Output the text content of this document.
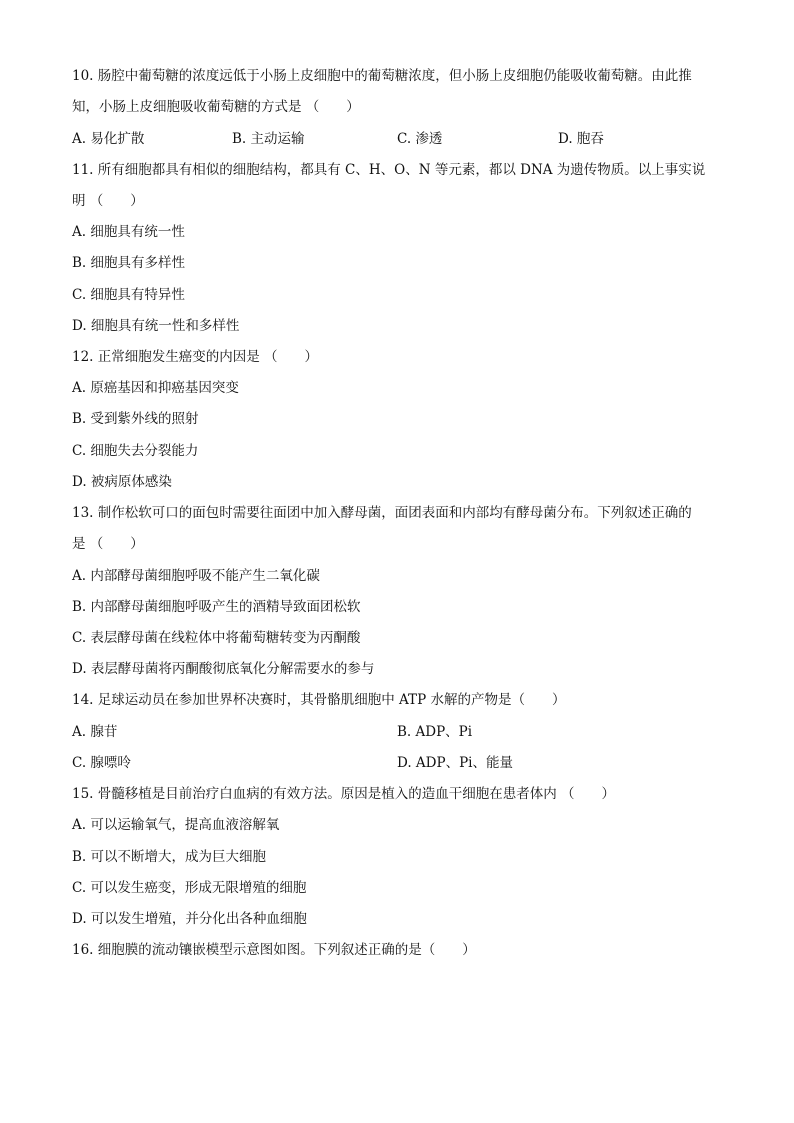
10. 肠腔中葡萄糖的浓度远低于小肠上皮细胞中的葡萄糖浓度，但小肠上皮细胞仍能吸收葡萄糖。由此推
知，小肠上皮细胞吸收葡萄糖的方式是 （　　）
A. 易化扩散	B. 主动运输	C. 渗透	D. 胞吞
11. 所有细胞都具有相似的细胞结构，都具有 C、H、O、N 等元素，都以 DNA 为遗传物质。以上事实说
明 （　　）
A. 细胞具有统一性
B. 细胞具有多样性
C. 细胞具有特异性
D. 细胞具有统一性和多样性
12. 正常细胞发生癌变的内因是 （　　）
A. 原癌基因和抑癌基因突变
B. 受到紫外线的照射
C. 细胞失去分裂能力
D. 被病原体感染
13. 制作松软可口的面包时需要往面团中加入酵母菌，面团表面和内部均有酵母菌分布。下列叙述正确的
是 （　　）
A. 内部酵母菌细胞呼吸不能产生二氧化碳
B. 内部酵母菌细胞呼吸产生的酒精导致面团松软
C. 表层酵母菌在线粒体中将葡萄糖转变为丙酮酸
D. 表层酵母菌将丙酮酸彻底氧化分解需要水的参与
14. 足球运动员在参加世界杯决赛时，其骨骼肌细胞中 ATP 水解的产物是（　　）
A. 腺苷	B. ADP、Pi
C. 腺嘌呤	D. ADP、Pi、能量
15. 骨髓移植是目前治疗白血病的有效方法。原因是植入的造血干细胞在患者体内 （　　）
A. 可以运输氧气，提高血液溶解氧
B. 可以不断增大，成为巨大细胞
C. 可以发生癌变，形成无限增殖的细胞
D. 可以发生增殖，并分化出各种血细胞
16. 细胞膜的流动镶嵌模型示意图如图。下列叙述正确的是（　　）
